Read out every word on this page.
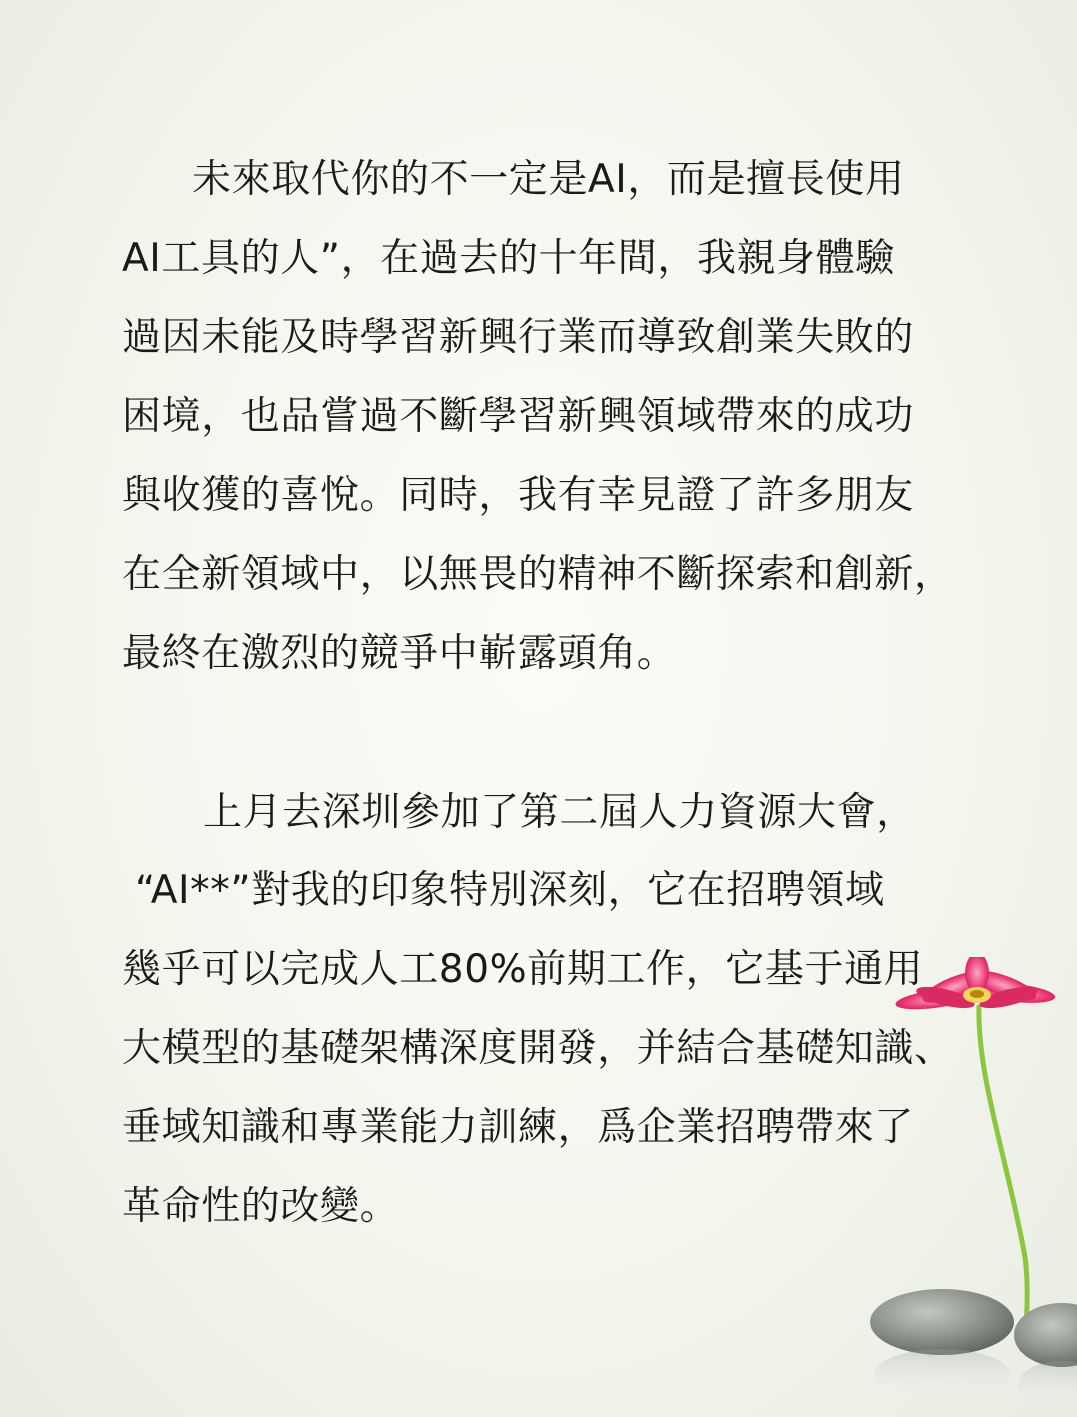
未來取代你的不一定是AI，而是擅長使用
AI工具的人”，在過去的十年間，我親身體驗
過因未能及時學習新興行業而導致創業失敗的
困境，也品嘗過不斷學習新興領域帶來的成功
與收獲的喜悅。同時，我有幸見證了許多朋友
在全新領域中，以無畏的精神不斷探索和創新，
最終在激烈的競爭中嶄露頭角。
上月去深圳參加了第二屆人力資源大會，
“AI**”對我的印象特別深刻，它在招聘領域
幾乎可以完成人工80%前期工作，它基于通用
大模型的基礎架構深度開發，并結合基礎知識、
垂域知識和專業能力訓練，爲企業招聘帶來了
革命性的改變。
